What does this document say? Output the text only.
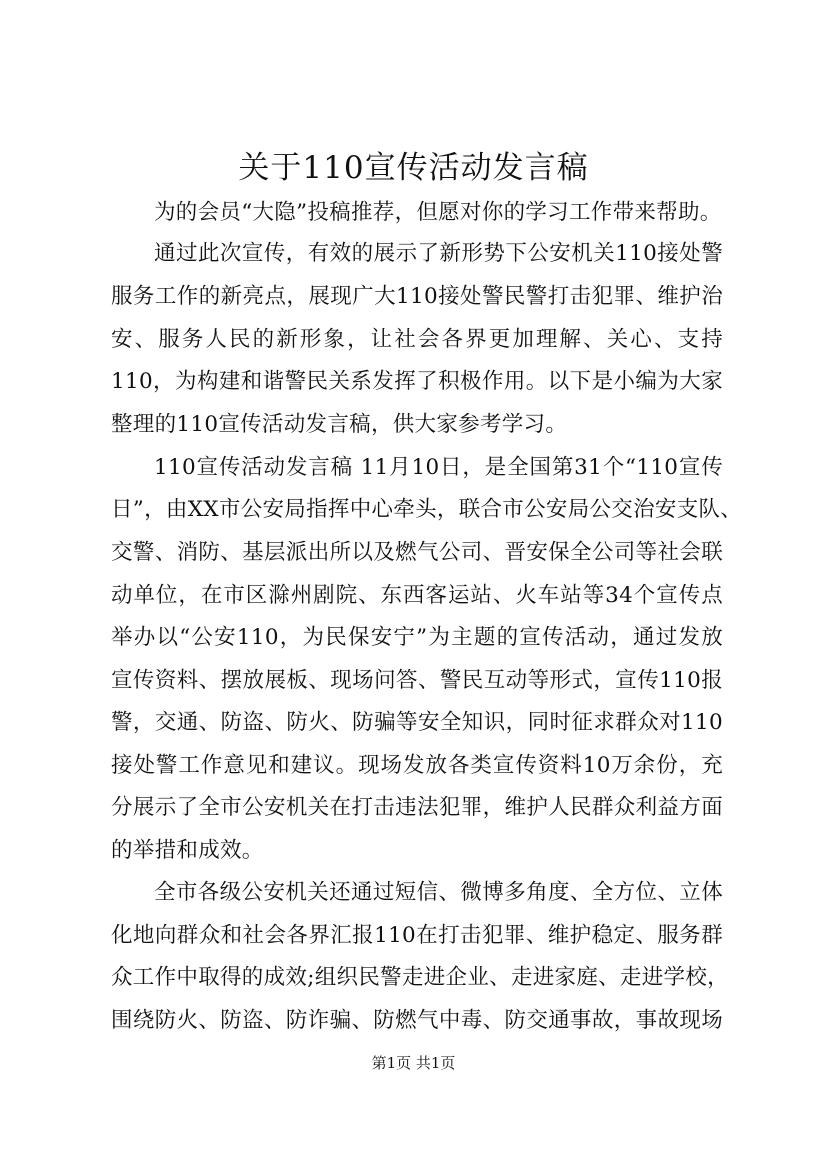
关于110宣传活动发言稿
为的会员“大隐”投稿推荐，但愿对你的学习工作带来帮助。
通过此次宣传，有效的展示了新形势下公安机关110接处警
服务工作的新亮点，展现广大110接处警民警打击犯罪、维护治
安、服务人民的新形象，让社会各界更加理解、关心、支持
110，为构建和谐警民关系发挥了积极作用。以下是小编为大家
整理的110宣传活动发言稿，供大家参考学习。
110宣传活动发言稿 11月10日，是全国第31个“110宣传
日”，由XX市公安局指挥中心牵头，联合市公安局公交治安支队、
交警、消防、基层派出所以及燃气公司、晋安保全公司等社会联
动单位，在市区滁州剧院、东西客运站、火车站等34个宣传点
举办以“公安110，为民保安宁”为主题的宣传活动，通过发放
宣传资料、摆放展板、现场问答、警民互动等形式，宣传110报
警，交通、防盗、防火、防骗等安全知识，同时征求群众对110
接处警工作意见和建议。现场发放各类宣传资料10万余份，充
分展示了全市公安机关在打击违法犯罪，维护人民群众利益方面
的举措和成效。
全市各级公安机关还通过短信、微博多角度、全方位、立体
化地向群众和社会各界汇报110在打击犯罪、维护稳定、服务群
众工作中取得的成效;组织民警走进企业、走进家庭、走进学校，
围绕防火、防盗、防诈骗、防燃气中毒、防交通事故，事故现场
第1页 共1页
